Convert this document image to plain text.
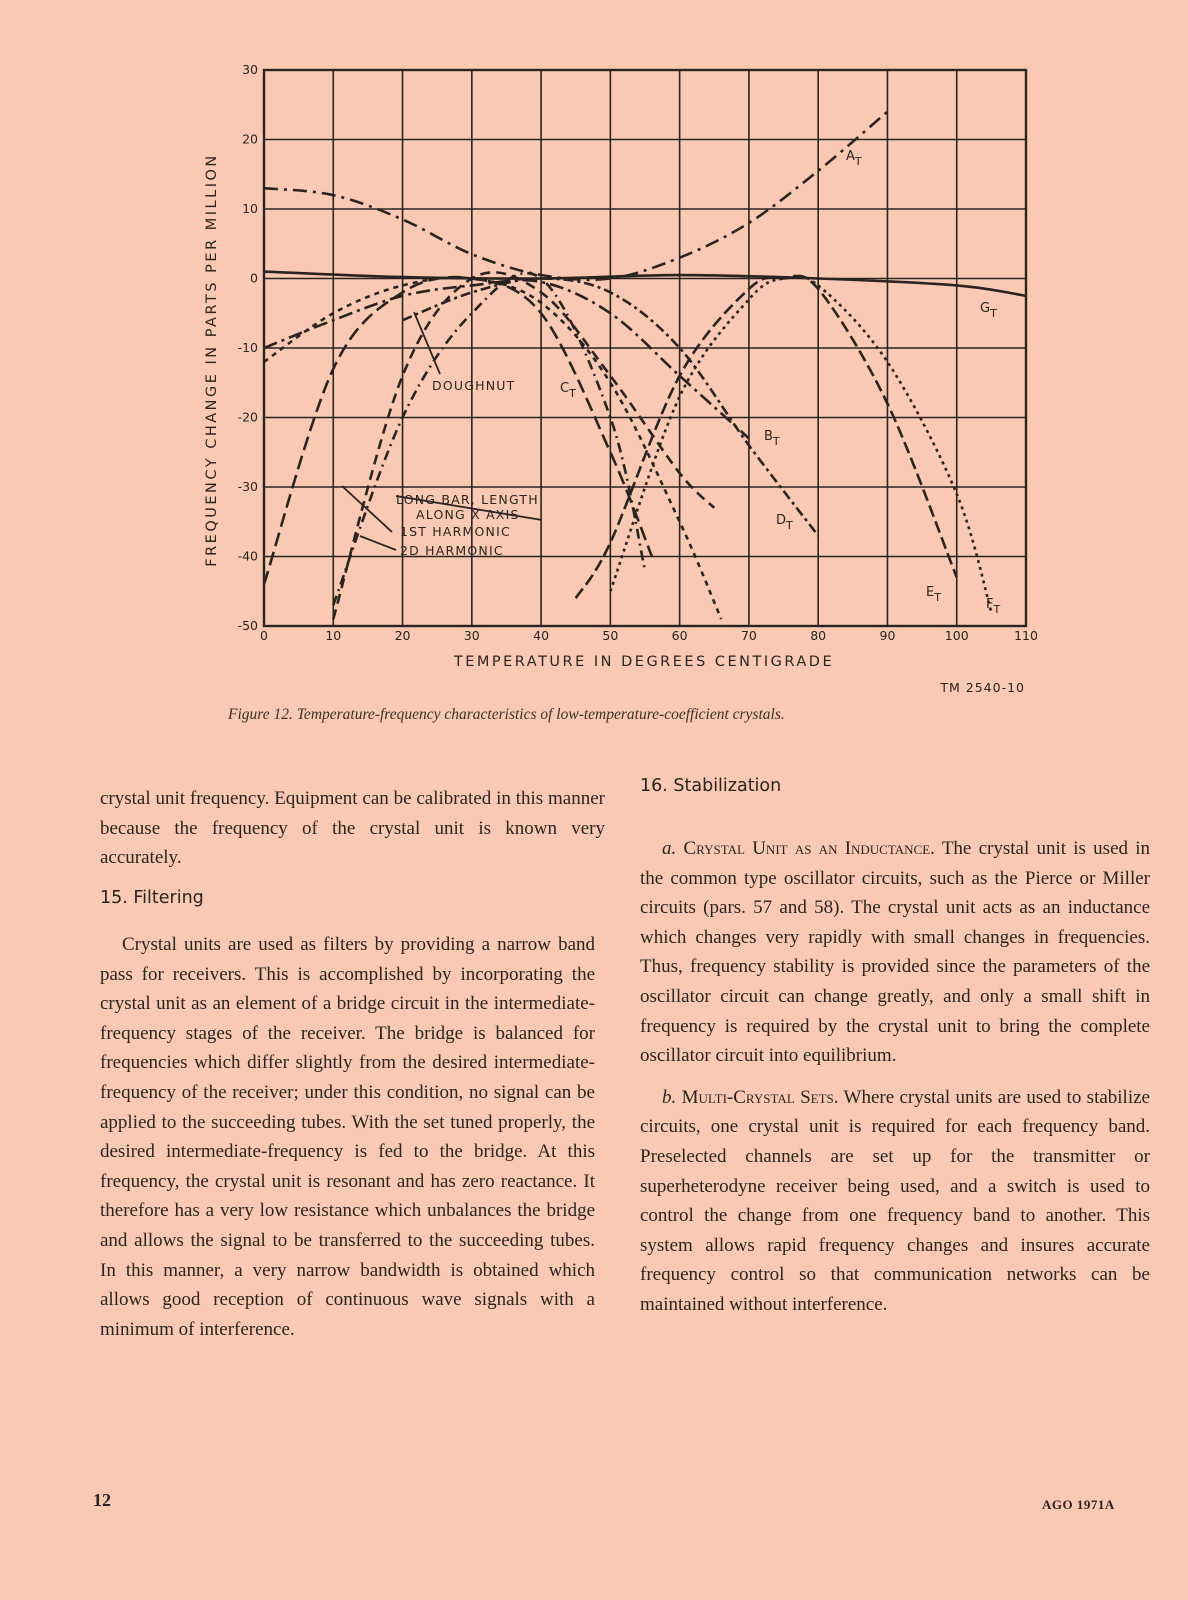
0	10	20	30	40	50	60	70	80	90	100	110
30
20
10
0
-10
-20
-30
-40
-50
$A_T$
$G_T$
$B_T$
$C_T$
$D_T$
$E_T$	$F_T$
DOUGHNUT
LONG BAR, LENGTH
ALONG X AXIS
1ST HARMONIC
2D HARMONIC
FREQUENCY CHANGE IN PARTS PER MILLION
TEMPERATURE IN DEGREES CENTIGRADE
TM 2540-10
Figure 12. Temperature-frequency characteristics of low-temperature-coefficient crystals.

crystal unit frequency. Equipment can be calibrated in this manner because the frequency of the crystal unit is known very accurately.

15. Filtering

Crystal units are used as filters by providing a narrow band pass for receivers. This is accomplished by incorporating the crystal unit as an element of a bridge circuit in the intermediate-frequency stages of the receiver. The bridge is balanced for frequencies which differ slightly from the desired intermediate-frequency of the receiver; under this condition, no signal can be applied to the succeeding tubes. With the set tuned properly, the desired intermediate-frequency is fed to the bridge. At this frequency, the crystal unit is resonant and has zero reactance. It therefore has a very low resistance which unbalances the bridge and allows the signal to be transferred to the succeeding tubes. In this manner, a very narrow bandwidth is obtained which allows good reception of continuous wave signals with a minimum of interference.

16. Stabilization

a. Crystal Unit as an Inductance. The crystal unit is used in the common type oscillator circuits, such as the Pierce or Miller circuits (pars. 57 and 58). The crystal unit acts as an inductance which changes very rapidly with small changes in frequencies. Thus, frequency stability is provided since the parameters of the oscillator circuit can change greatly, and only a small shift in frequency is required by the crystal unit to bring the complete oscillator circuit into equilibrium.

b. Multi-Crystal Sets. Where crystal units are used to stabilize circuits, one crystal unit is required for each frequency band. Preselected channels are set up for the transmitter or superheterodyne receiver being used, and a switch is used to control the change from one frequency band to another. This system allows rapid frequency changes and insures accurate frequency control so that communication networks can be maintained without interference.

12	AGO 1971A
